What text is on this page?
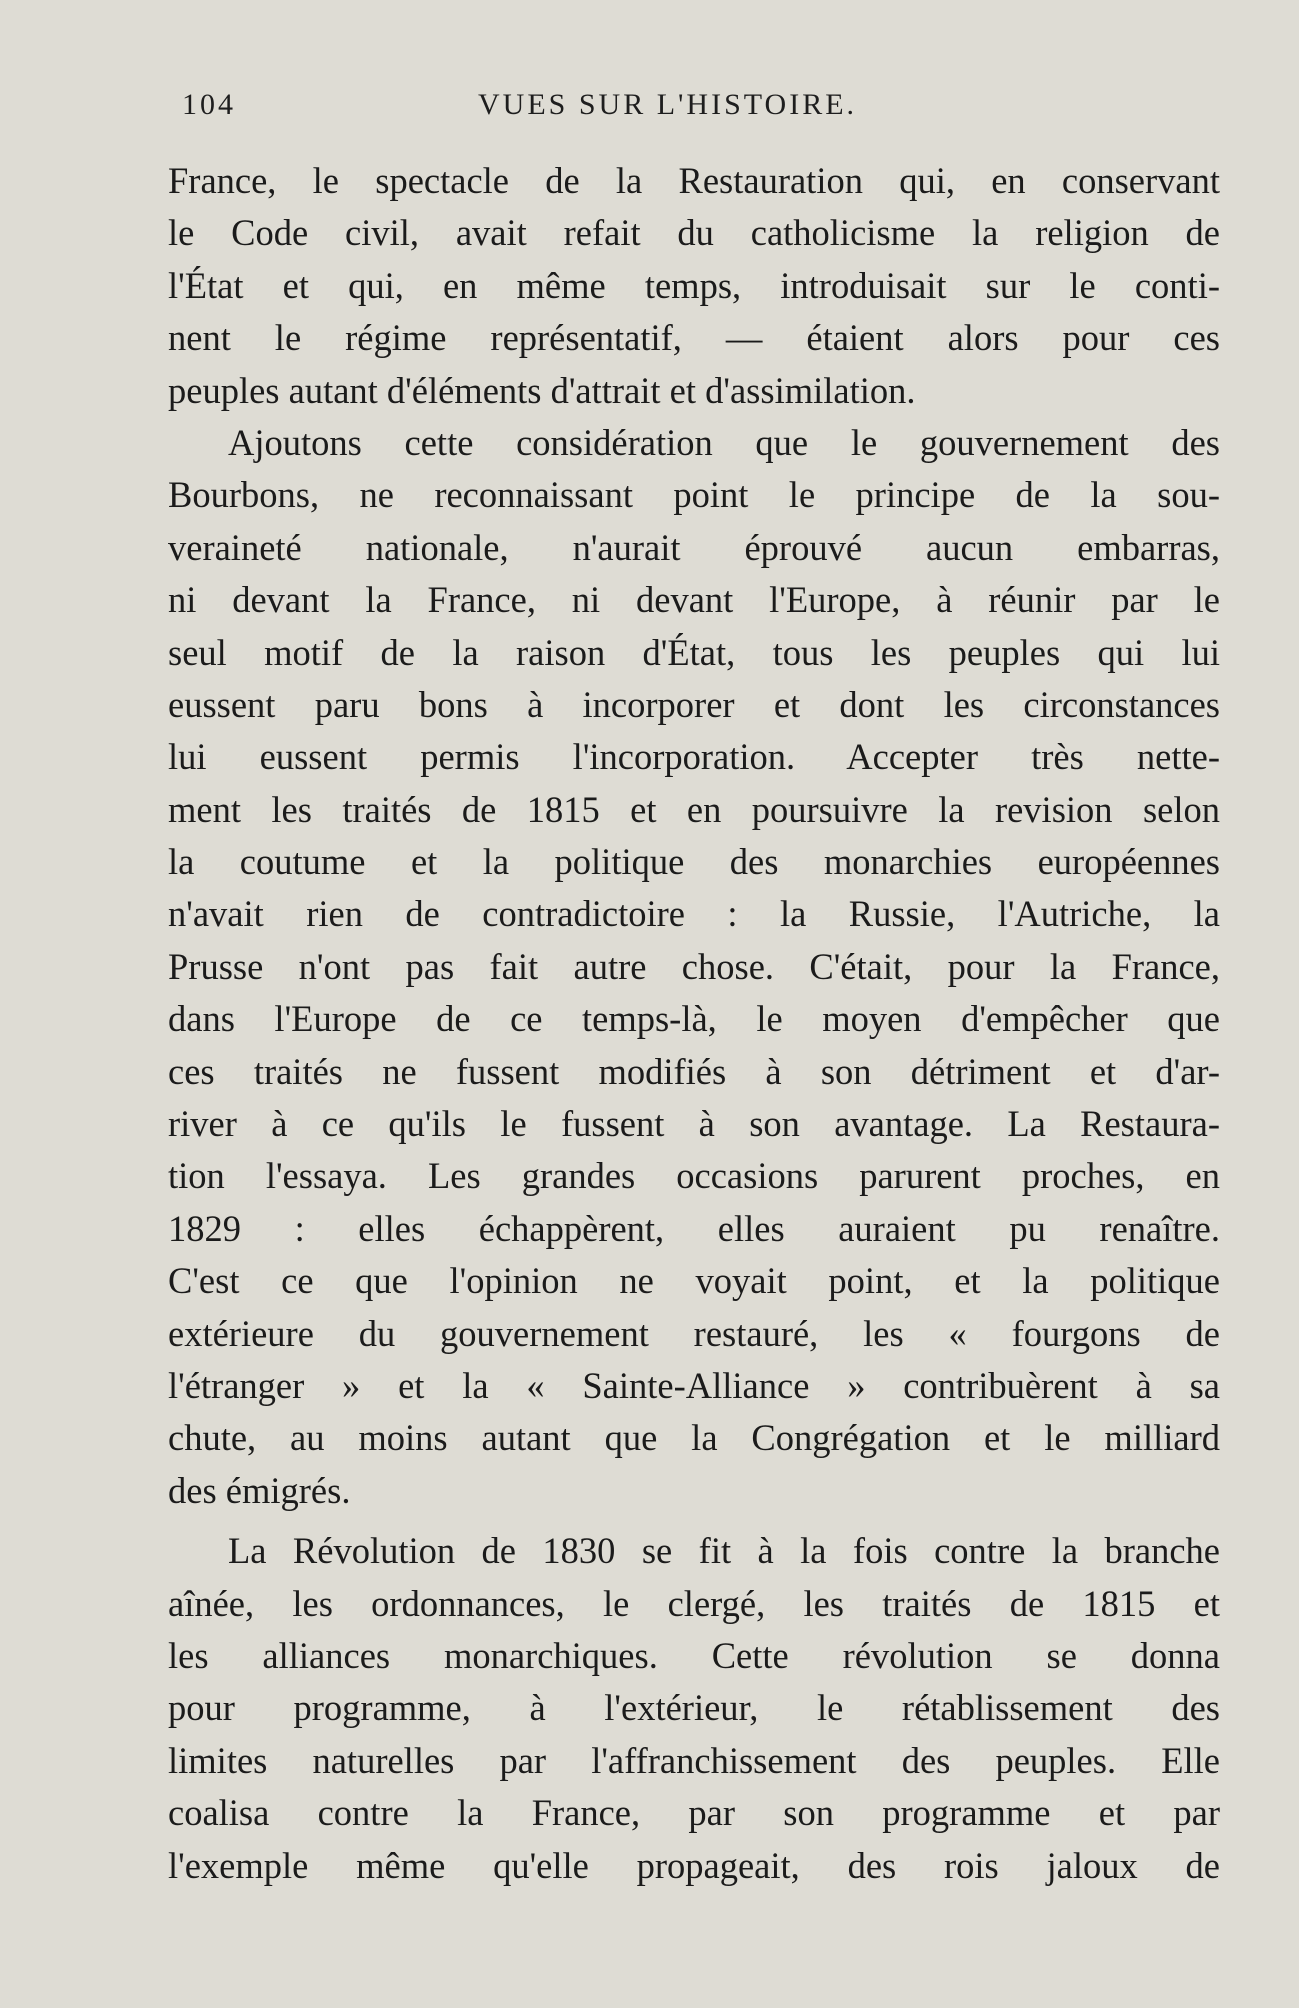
104	VUES SUR L'HISTOIRE.
France, le spectacle de la Restauration qui, en conservant
le Code civil, avait refait du catholicisme la religion de
l'État et qui, en même temps, introduisait sur le conti-
nent le régime représentatif, — étaient alors pour ces
peuples autant d'éléments d'attrait et d'assimilation.
Ajoutons cette considération que le gouvernement des
Bourbons, ne reconnaissant point le principe de la sou-
veraineté nationale, n'aurait éprouvé aucun embarras,
ni devant la France, ni devant l'Europe, à réunir par le
seul motif de la raison d'État, tous les peuples qui lui
eussent paru bons à incorporer et dont les circonstances
lui eussent permis l'incorporation. Accepter très nette-
ment les traités de 1815 et en poursuivre la revision selon
la coutume et la politique des monarchies européennes
n'avait rien de contradictoire : la Russie, l'Autriche, la
Prusse n'ont pas fait autre chose. C'était, pour la France,
dans l'Europe de ce temps-là, le moyen d'empêcher que
ces traités ne fussent modifiés à son détriment et d'ar-
river à ce qu'ils le fussent à son avantage. La Restaura-
tion l'essaya. Les grandes occasions parurent proches, en
1829 : elles échappèrent, elles auraient pu renaître.
C'est ce que l'opinion ne voyait point, et la politique
extérieure du gouvernement restauré, les « fourgons de
l'étranger » et la « Sainte-Alliance » contribuèrent à sa
chute, au moins autant que la Congrégation et le milliard
des émigrés.
La Révolution de 1830 se fit à la fois contre la branche
aînée, les ordonnances, le clergé, les traités de 1815 et
les alliances monarchiques. Cette révolution se donna
pour programme, à l'extérieur, le rétablissement des
limites naturelles par l'affranchissement des peuples. Elle
coalisa contre la France, par son programme et par
l'exemple même qu'elle propageait, des rois jaloux de
